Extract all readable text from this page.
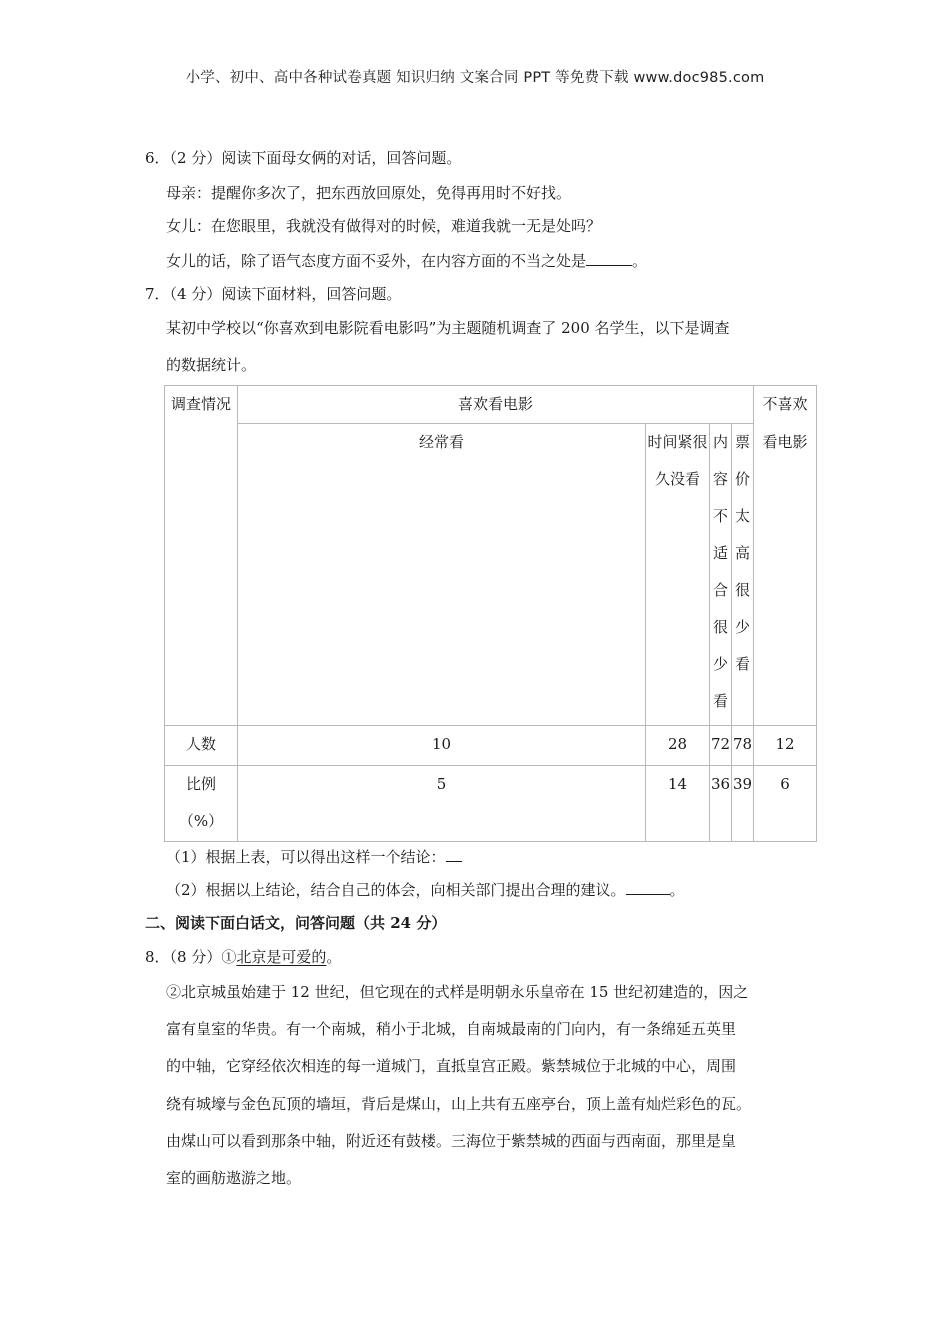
小学、初中、高中各种试卷真题 知识归纳 文案合同 PPT 等免费下载 www.doc985.com
6．（2 分）阅读下面母女俩的对话，回答问题。
母亲：提醒你多次了，把东西放回原处，免得再用时不好找。
女儿：在您眼里，我就没有做得对的时候，难道我就一无是处吗？
女儿的话，除了语气态度方面不妥外，在内容方面的不当之处是	。
7．（4 分）阅读下面材料，回答问题。
某初中学校以“你喜欢到电影院看电影吗”为主题随机调查了 200 名学生，以下是调查
的数据统计。
调查情况	喜欢看电影				不喜欢
	经常看	时间紧很久没看	内容不适合很少看	票价太高很少看	看电影
人数	10	28	72	78	12

比例
（%）	5	14	36	39	6
（1）根据上表，可以得出这样一个结论：
（2）根据以上结论，结合自己的体会，向相关部门提出合理的建议。	。
二、阅读下面白话文，问答问题（共 24 分）
8．（8 分）①北京是可爱的。
②北京城虽始建于 12 世纪，但它现在的式样是明朝永乐皇帝在 15 世纪初建造的，因之
富有皇室的华贵。有一个南城，稍小于北城，自南城最南的门向内，有一条绵延五英里
的中轴，它穿经依次相连的每一道城门，直抵皇宫正殿。紫禁城位于北城的中心，周围
绕有城壕与金色瓦顶的墙垣，背后是煤山，山上共有五座亭台，顶上盖有灿烂彩色的瓦。
由煤山可以看到那条中轴，附近还有鼓楼。三海位于紫禁城的西面与西南面，那里是皇
室的画舫遨游之地。
